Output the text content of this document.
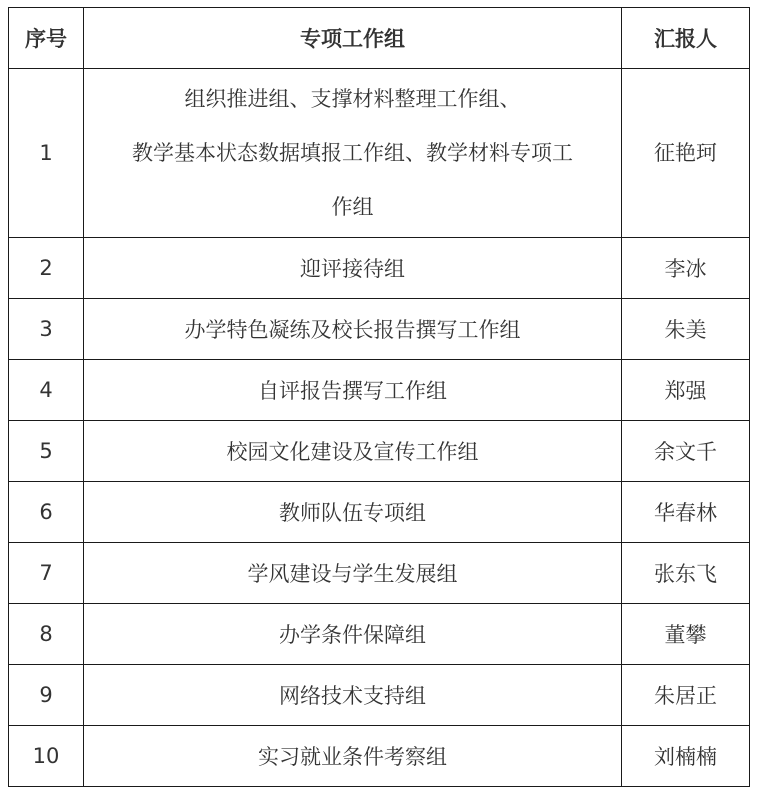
序号	专项工作组	汇报人
1	组织推进组、支撑材料整理工作组、
教学基本状态数据填报工作组、教学材料专项工
作组	征艳珂
2	迎评接待组	李冰
3	办学特色凝练及校长报告撰写工作组	朱美
4	自评报告撰写工作组	郑强
5	校园文化建设及宣传工作组	余文千
6	教师队伍专项组	华春林
7	学风建设与学生发展组	张东飞
8	办学条件保障组	董攀
9	网络技术支持组	朱居正
10	实习就业条件考察组	刘楠楠
